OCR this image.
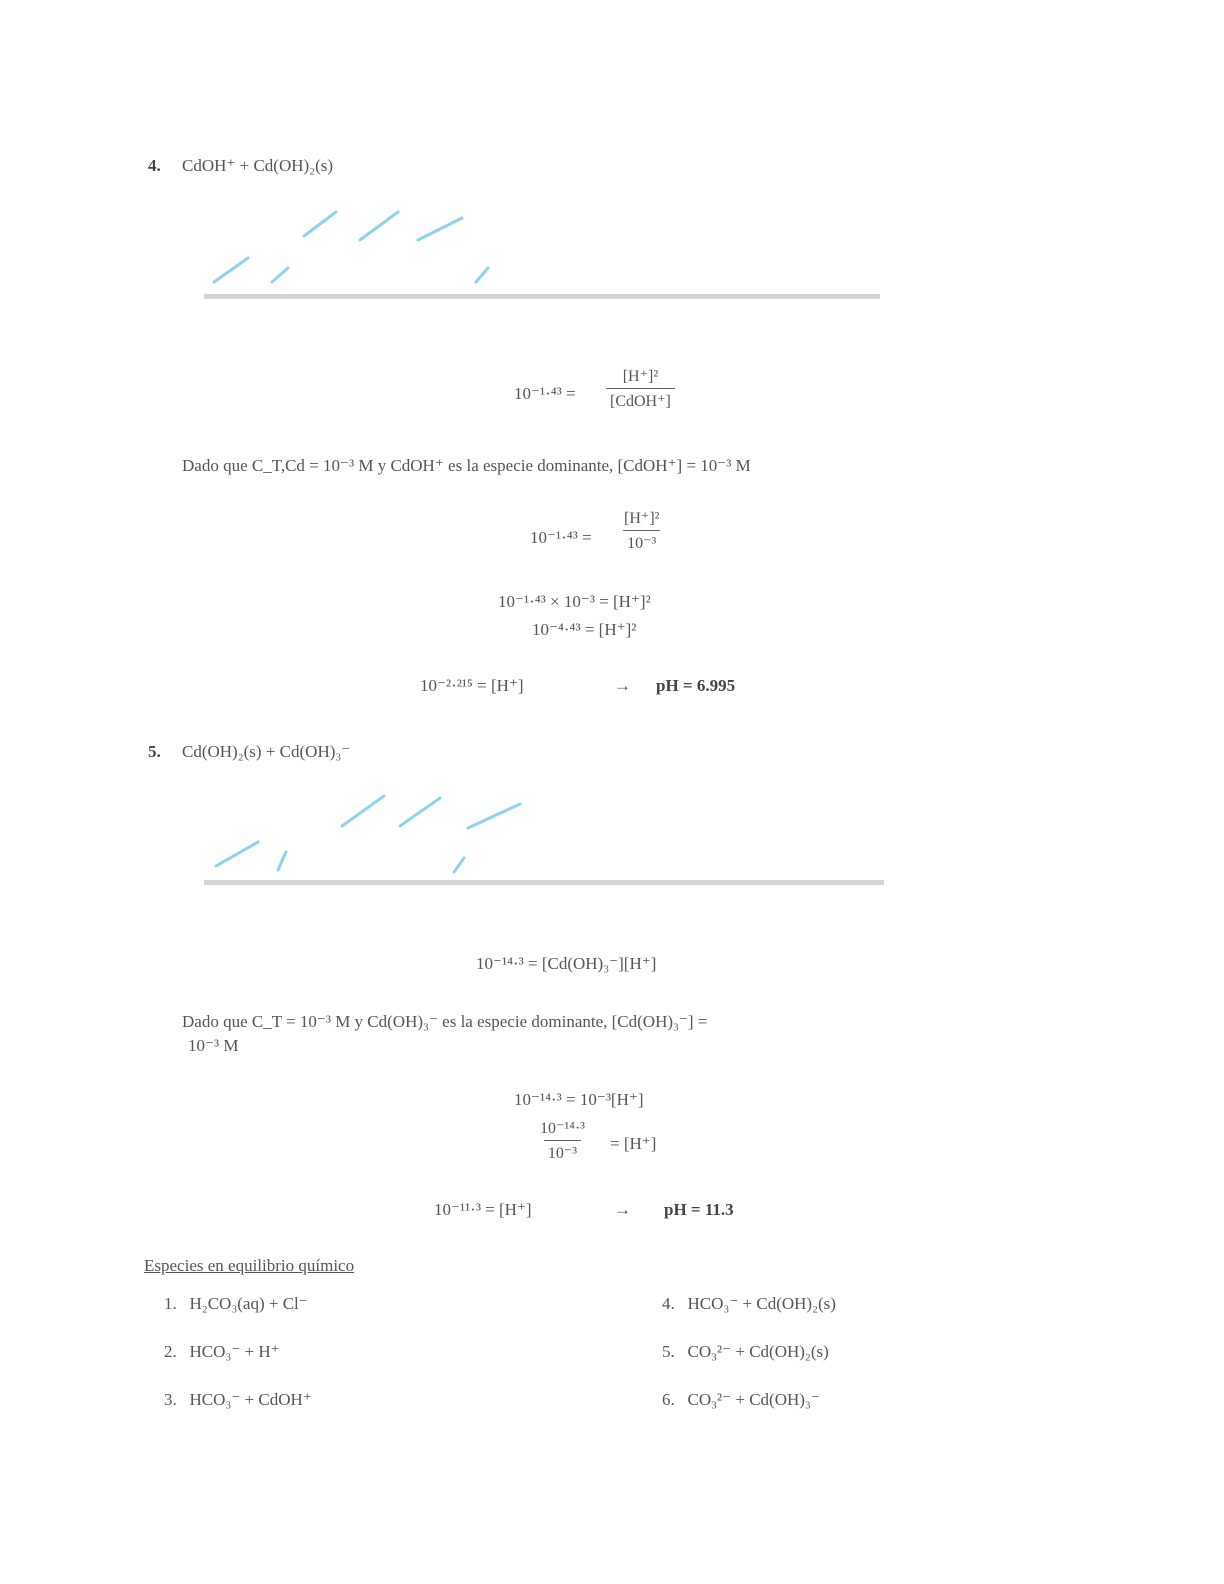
4. CdOH⁺ + Cd(OH)₂(s)
10⁻¹·⁴³ =
[H⁺]²
[CdOH⁺]
Dado que C_T,Cd = 10⁻³ M y CdOH⁺ es la especie dominante, [CdOH⁺] = 10⁻³ M
$10^{-1}\cdot^{43} = \frac{\text{[H⁺]²}}{\text{10⁻³}}$
10⁻¹·⁴³ × 10⁻³ = [H⁺]²
10⁻⁴·⁴³ = [H⁺]²
10⁻²·²¹⁵ = [H⁺]	→ pH = 6.995
5. Cd(OH)₂(s) + Cd(OH)₃⁻
10⁻¹⁴·³ = [Cd(OH)₃⁻][H⁺]
Dado que C_T = 10⁻³ M y Cd(OH)₃⁻ es la especie dominante, [Cd(OH)₃⁻] =
10⁻³ M
10⁻¹⁴·³ = 10⁻³[H⁺]
$\frac{\text{10⁻¹⁴·³}}{\text{10⁻³}} = [H^+]$
10⁻¹¹·³ = [H⁺]	→ pH = 11.3
Especies en equilibrio químico
1. H₂CO₃(aq) + Cl⁻
2. HCO₃⁻ + H⁺
3. HCO₃⁻ + CdOH⁺
4. HCO₃⁻ + Cd(OH)₂(s)
5. CO₃²⁻ + Cd(OH)₂(s)
6. CO₃²⁻ + Cd(OH)₃⁻
